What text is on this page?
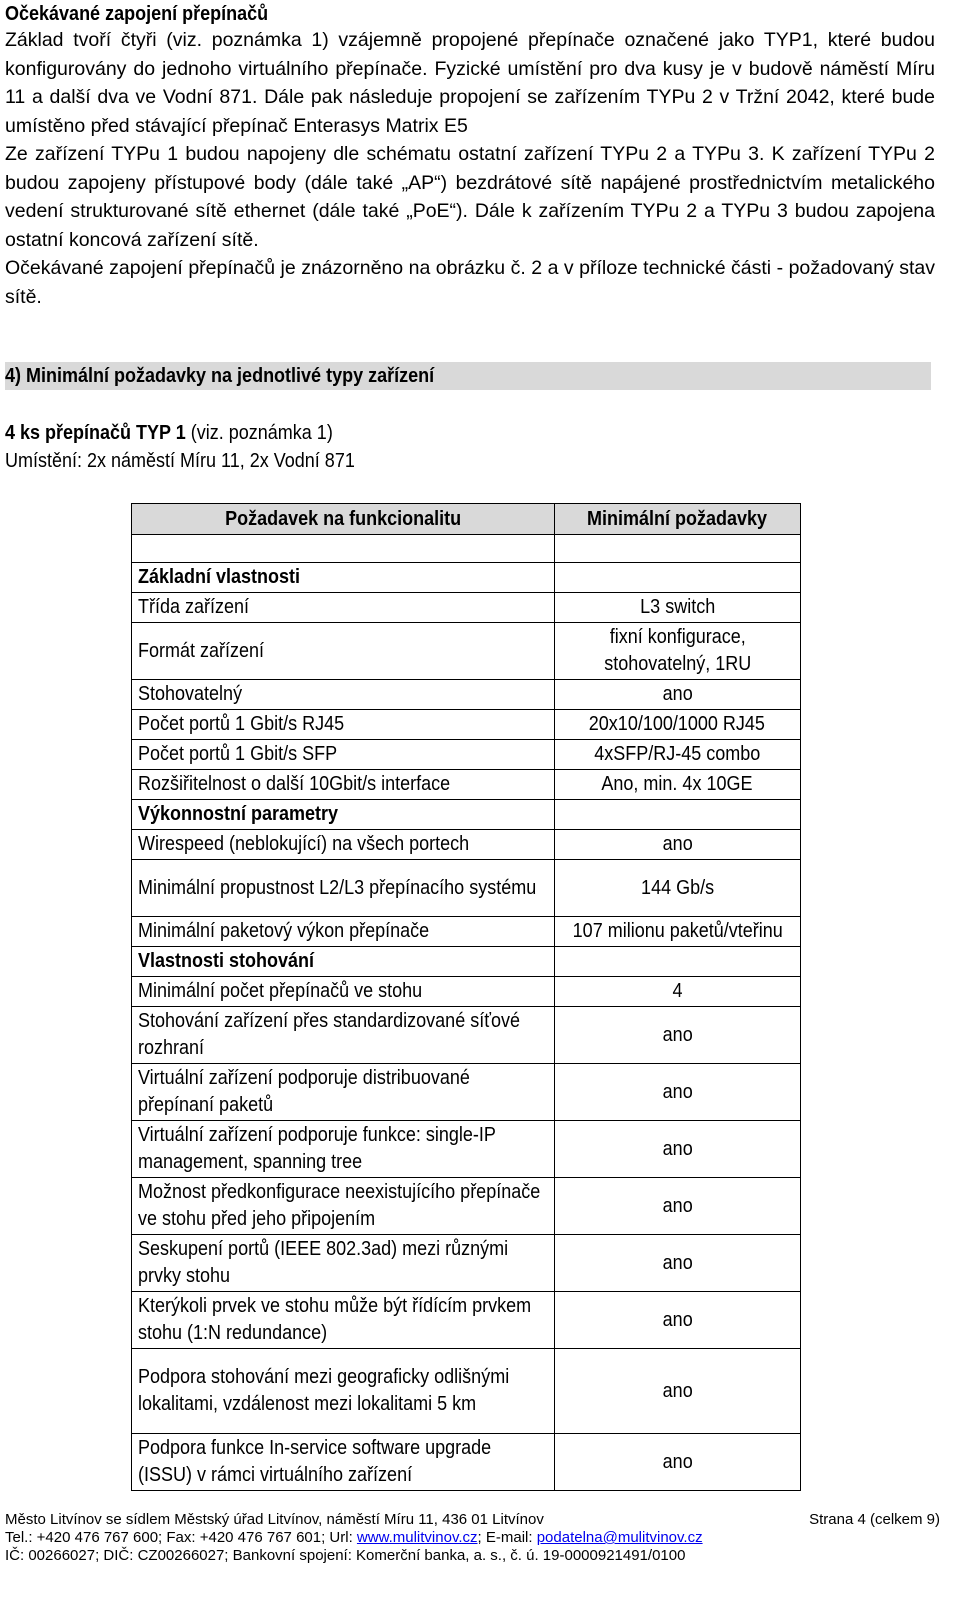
Očekávané zapojení přepínačů

Základ tvoří čtyři (viz. poznámka 1) vzájemně propojené přepínače označené jako TYP1, které budou konfigurovány do jednoho virtuálního přepínače. Fyzické umístění pro dva kusy je v budově náměstí Míru 11 a další dva ve Vodní 871. Dále pak následuje propojení se zařízením TYPu 2 v Tržní 2042, které bude umístěno před stávající přepínač Enterasys Matrix E5

Ze zařízení TYPu 1 budou napojeny dle schématu ostatní zařízení TYPu 2 a TYPu 3. K zařízení TYPu 2 budou zapojeny přístupové body (dále také „AP“) bezdrátové sítě napájené prostřednictvím metalického vedení strukturované sítě ethernet (dále také „PoE“). Dále k zařízením TYPu 2 a TYPu 3 budou zapojena ostatní koncová zařízení sítě.

Očekávané zapojení přepínačů je znázorněno na obrázku č. 2 a v příloze technické části - požadovaný stav sítě.

4) Minimální požadavky na jednotlivé typy zařízení
4 ks přepínačů TYP 1 (viz. poznámka 1)
Umístění: 2x náměstí Míru 11, 2x Vodní 871
Požadavek na funkcionalitu	Minimální požadavky

Základní vlastnosti	
Třída zařízení	L3 switch

Formát zařízení	fixní konfigurace, stohovatelný, 1RU

Stohovatelný	ano
Počet portů 1 Gbit/s RJ45	20x10/100/1000 RJ45
Počet portů 1 Gbit/s SFP	4xSFP/RJ-45 combo
Rozšiřitelnost o další 10Gbit/s interface	Ano, min. 4x 10GE
Výkonnostní parametry	
Wirespeed (neblokující) na všech portech	ano

Minimální propustnost L2/L3 přepínacího systému	144 Gb/s
Minimální paketový výkon přepínače	107 milionu paketů/vteřinu
Vlastnosti stohování	
Minimální počet přepínačů ve stohu	4

Stohování zařízení přes standardizované síťové rozhraní	ano

Virtuální zařízení podporuje distribuované přepínaní paketů	ano

Virtuální zařízení podporuje funkce: single-IP management, spanning tree	ano

Možnost předkonfigurace neexistujícího přepínače ve stohu před jeho připojením	ano

Seskupení portů (IEEE 802.3ad) mezi různými prvky stohu	ano

Kterýkoli prvek ve stohu může být řídícím prvkem stohu (1:N redundance)	ano

Podpora stohování mezi geograficky odlišnými lokalitami, vzdálenost mezi lokalitami 5 km	ano

Podpora funkce In-service software upgrade (ISSU) v rámci virtuálního zařízení	ano
Město Litvínov se sídlem Městský úřad Litvínov, náměstí Míru 11, 436 01 Litvínov	Strana 4 (celkem 9)
Tel.: +420 476 767 600; Fax: +420 476 767 601; Url: www.mulitvinov.cz; E-mail: podatelna@mulitvinov.cz
IČ: 00266027; DIČ: CZ00266027; Bankovní spojení: Komerční banka, a. s., č. ú. 19-0000921491/0100
